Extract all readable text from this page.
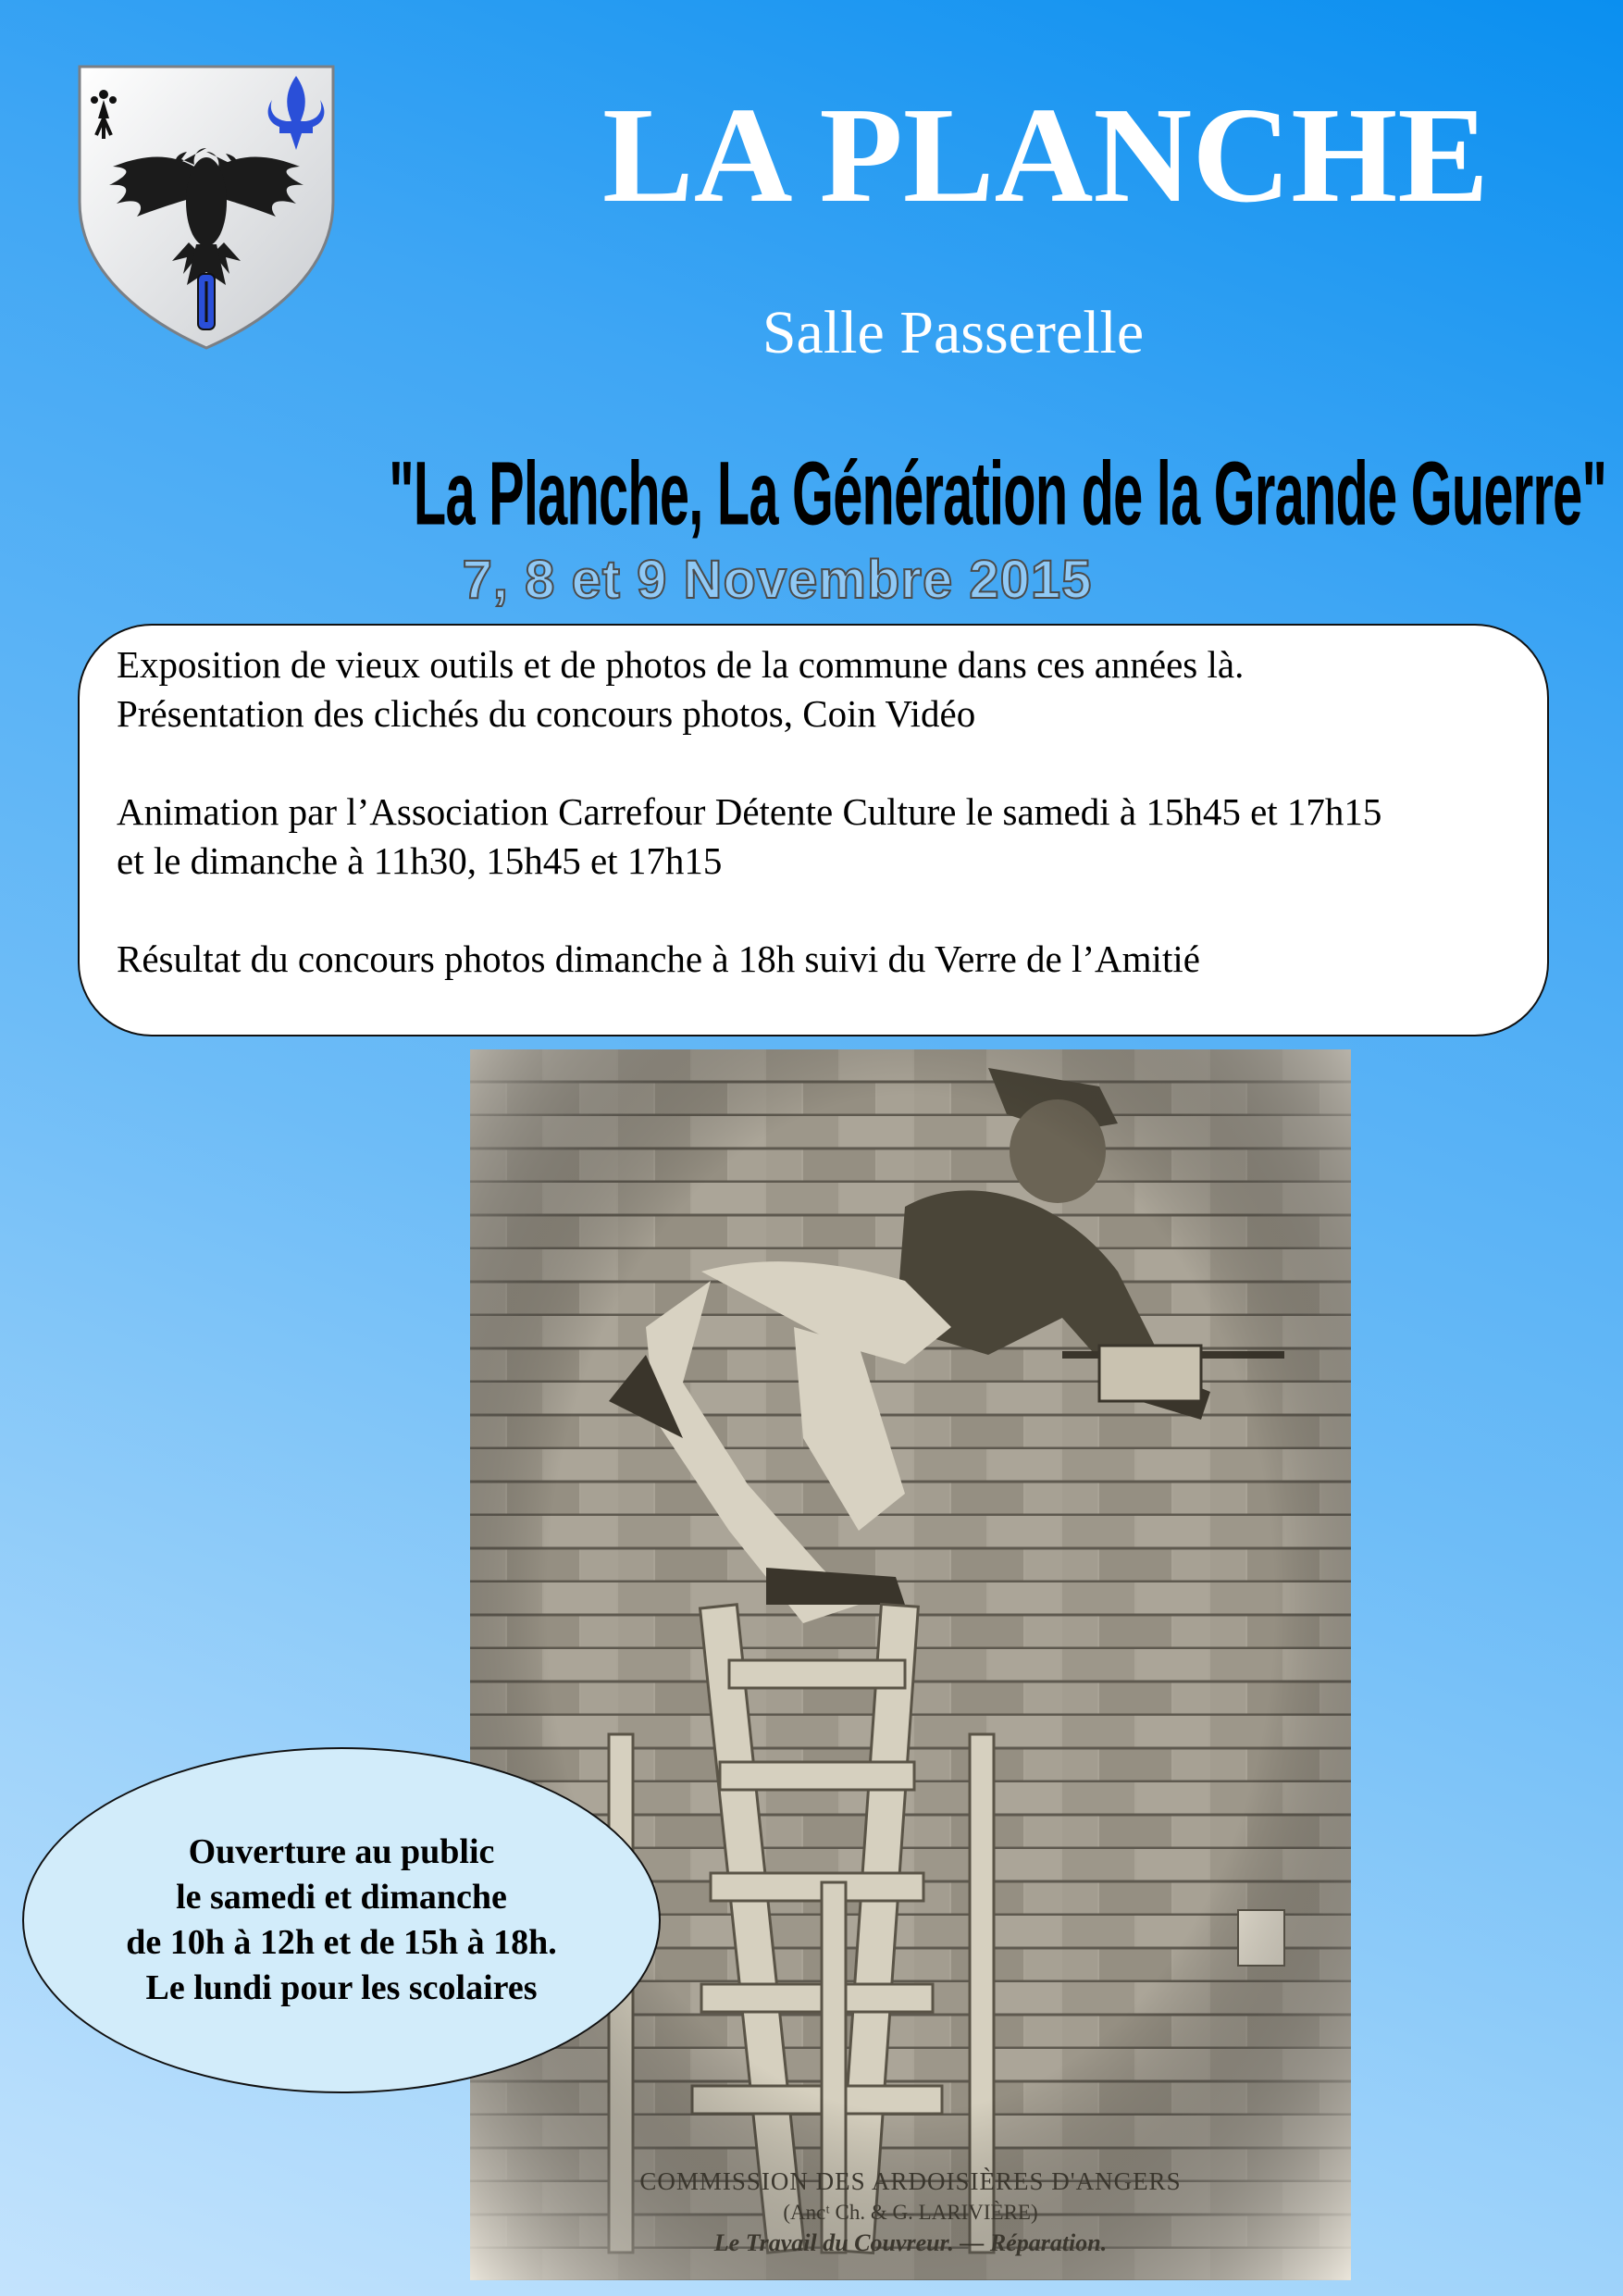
LA PLANCHE
Salle Passerelle
"La Planche, La Génération de la Grande Guerre"
7, 8 et 9 Novembre 2015

Exposition de vieux outils et de photos de la commune dans ces années là.

Présentation des clichés du concours photos, Coin Vidéo

Animation par l’Association Carrefour Détente Culture le samedi à 15h45 et 17h15

et le dimanche à 11h30, 15h45 et 17h15

Résultat du concours photos dimanche à 18h suivi du Verre de l’Amitié

COMMISSION DES ARDOISIÈRES D'ANGERS
(Ancᵗ Ch. & G. LARIVIÈRE)
Le Travail du Couvreur. — Réparation.
Ouverture au public
le samedi et dimanche
de 10h à 12h et de 15h à 18h.
Le lundi pour les scolaires
